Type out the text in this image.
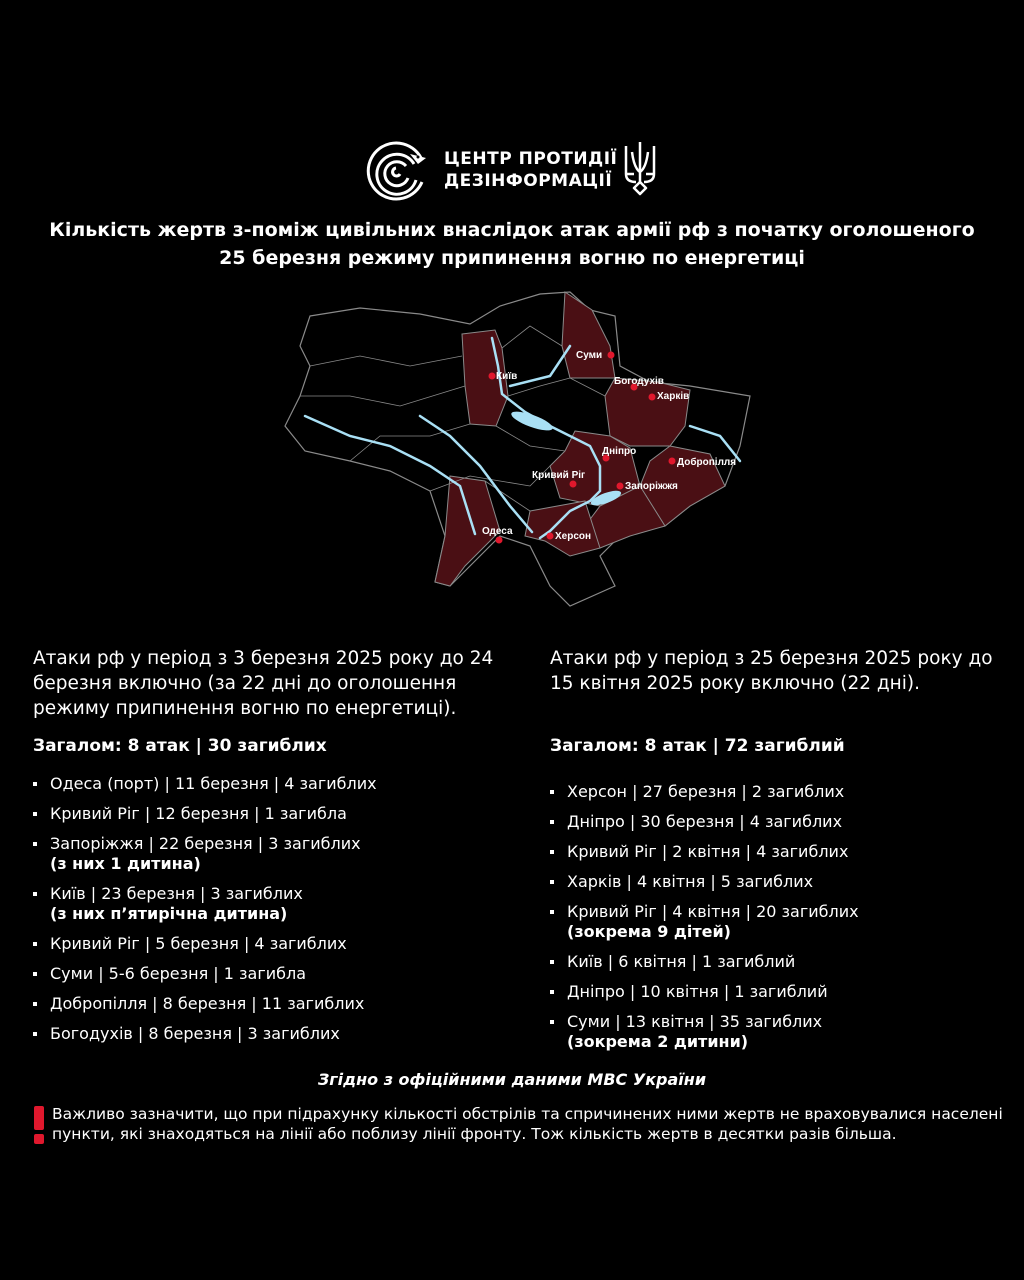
ЦЕНТР ПРОТИДІЇ
ДЕЗІНФОРМАЦІЇ
Кількість жертв з-поміж цивільних внаслідок атак армії рф з початку оголошеного
25 березня режиму припинення вогню по енергетиці
Суми
Київ	Богодухів
Харків
Дніпро
Добропілля
Кривий Ріг
Запоріжжя
Одеса	Херсон

Атаки рф у період з 3 березня 2025 року до 24 березня включно (за 22 дні до оголошення режиму припинення вогню по енергетиці).

Загалом: 8 атак | 30 загиблих

Одеса (порт) | 11 березня | 4 загиблих
Кривий Ріг | 12 березня | 1 загибла
Запоріжжя | 22 березня | 3 загиблих
(з них 1 дитина)
Київ | 23 березня | 3 загиблих
(з них п’ятирічна дитина)
Кривий Ріг | 5 березня | 4 загиблих
Суми | 5-6 березня | 1 загибла
Добропілля | 8 березня | 11 загиблих
Богодухів | 8 березня | 3 загиблих

Атаки рф у період з 25 березня 2025 року до 15 квітня 2025 року включно (22 дні).

Загалом: 8 атак | 72 загиблий

Херсон | 27 березня | 2 загиблих
Дніпро | 30 березня | 4 загиблих
Кривий Ріг | 2 квітня | 4 загиблих
Харків | 4 квітня | 5 загиблих
Кривий Ріг | 4 квітня | 20 загиблих
(зокрема 9 дітей)
Київ | 6 квітня | 1 загиблий
Дніпро | 10 квітня | 1 загиблий
Суми | 13 квітня | 35 загиблих
(зокрема 2 дитини)
Згідно з офіційними даними МВС України
Важливо зазначити, що при підрахунку кількості обстрілів та спричинених ними жертв не враховувалися населені пункти, які знаходяться на лінії або поблизу лінії фронту. Тож кількість жертв в десятки разів більша.
